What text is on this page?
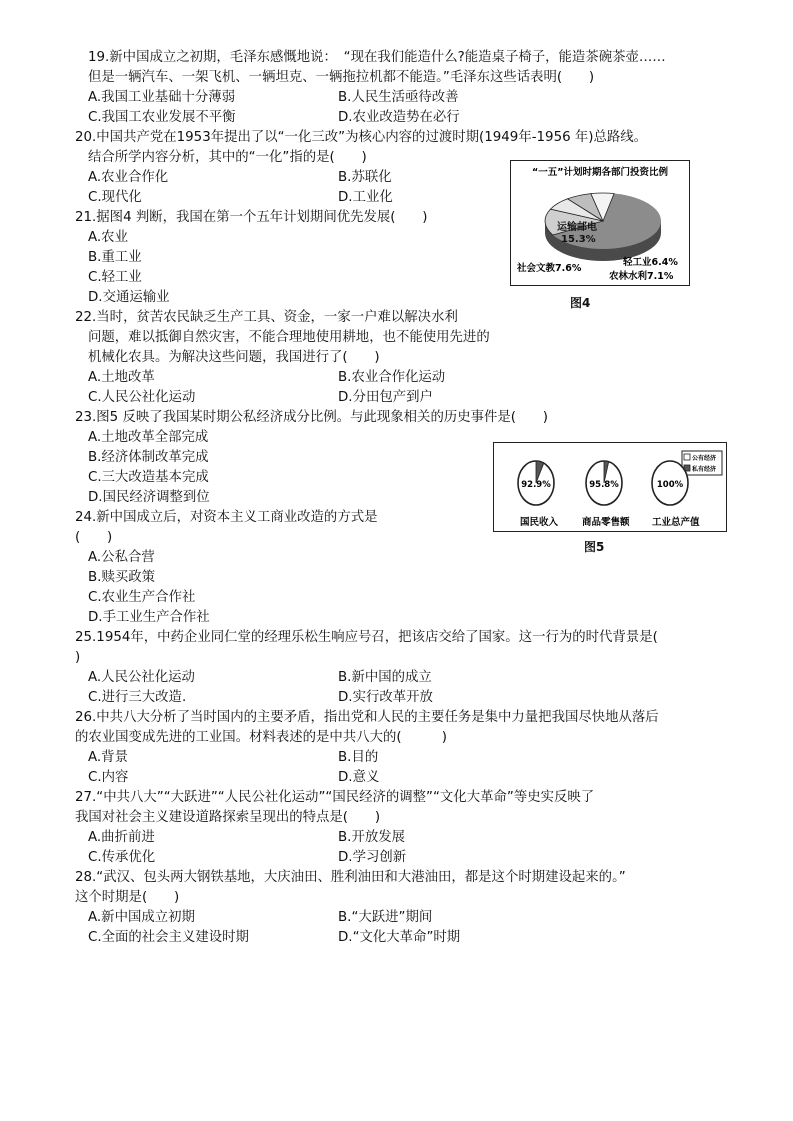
19.新中国成立之初期，毛泽东感慨地说：　“现在我们能造什么?能造桌子椅子，能造茶碗茶壶……
但是一辆汽车、一架飞机、一辆坦克、一辆拖拉机都不能造。”毛泽东这些话表明(　　)
A.我国工业基础十分薄弱	B.人民生活亟待改善
C.我国工农业发展不平衡	D.农业改造势在必行
20.中国共产党在1953年提出了以“一化三改”为核心内容的过渡时期(1949年-1956 年)总路线。
结合所学内容分析，其中的“一化”指的是(　　)
A.农业合作化	B.苏联化
C.现代化	D.工业化
21.据图4 判断，我国在第一个五年计划期间优先发展(　　)
A.农业
B.重工业
C.轻工业
D.交通运输业
“一五”计划时期各部门投资比例
运输邮电 15.3%
社会文教7.6%
轻工业6.4%
农林水利7.1%
图4
22.当时，贫苦农民缺乏生产工具、资金，一家一户难以解决水利
问题，难以抵御自然灾害，不能合理地使用耕地，也不能使用先进的
机械化农具。为解决这些问题，我国进行了(　　)
A.土地改革	B.农业合作化运动
C.人民公社化运动	D.分田包产到户
23.图5 反映了我国某时期公私经济成分比例。与此现象相关的历史事件是(　　)
A.土地改革全部完成
B.经济体制改革完成
C.三大改造基本完成
D.国民经济调整到位
公有经济
私有经济
92.9%	95.8%	100%
国民收入	商品零售额 工业总产值
图5
24.新中国成立后，对资本主义工商业改造的方式是
(　　)
A.公私合营
B.赎买政策
C.农业生产合作社
D.手工业生产合作社
25.1954年，中药企业同仁堂的经理乐松生响应号召，把该店交给了国家。这一行为的时代背景是(
)
A.人民公社化运动	B.新中国的成立
C.进行三大改造.	D.实行改革开放
26.中共八大分析了当时国内的主要矛盾，指出党和人民的主要任务是集中力量把我国尽快地从落后
的农业国变成先进的工业国。材料表述的是中共八大的(　　　)
A.背景	B.目的
C.内容	D.意义
27.“中共八大”“大跃进”“人民公社化运动”“国民经济的调整”“文化大革命”等史实反映了
我国对社会主义建设道路探索呈现出的特点是(　　)
A.曲折前进	B.开放发展
C.传承优化	D.学习创新
28.“武汉、包头两大钢铁基地，大庆油田、胜利油田和大港油田，都是这个时期建设起来的。”
这个时期是(　　)
A.新中国成立初期	B.“大跃进”期间
C.全面的社会主义建设时期	D.“文化大革命”时期
